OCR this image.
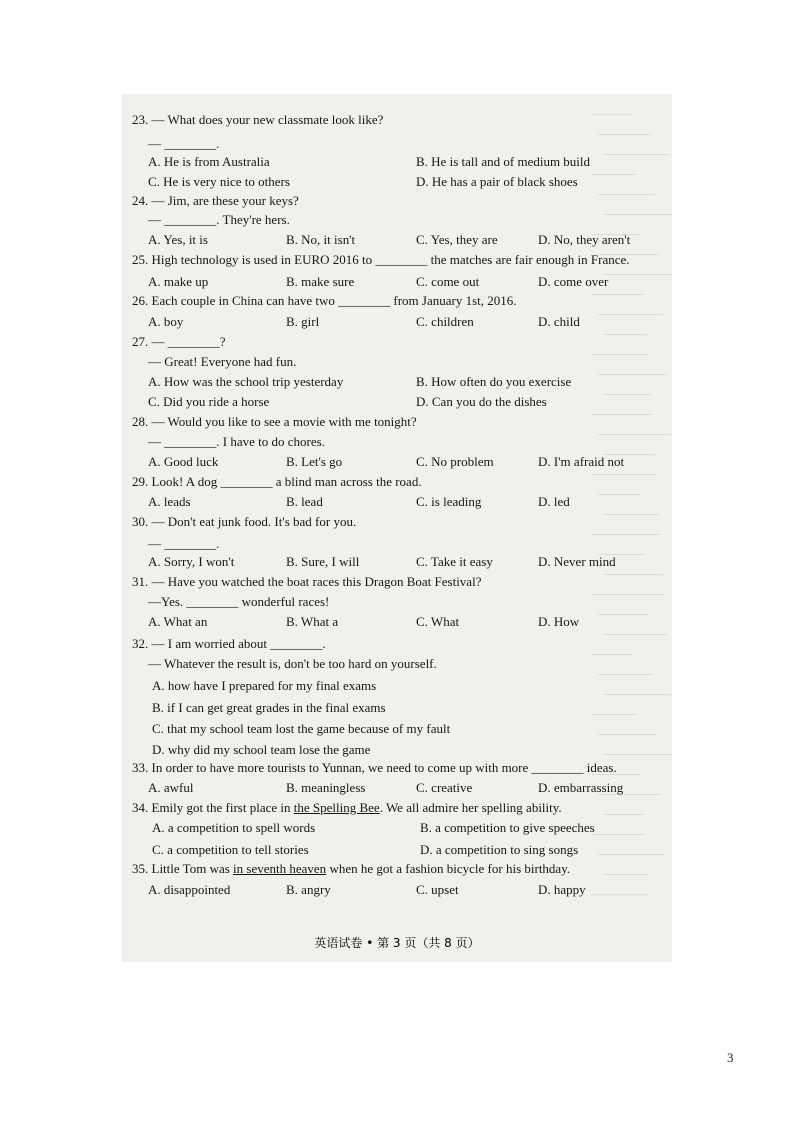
23. — What does your new classmate look like?
— ________.
A. He is from Australia	B. He is tall and of medium build
C. He is very nice to others	D. He has a pair of black shoes
24. — Jim, are these your keys?
— ________. They're hers.
A. Yes, it is	B. No, it isn't	C. Yes, they are	D. No, they aren't
25. High technology is used in EURO 2016 to ________ the matches are fair enough in France.
A. make up	B. make sure	C. come out	D. come over
26. Each couple in China can have two ________ from January 1st, 2016.
A. boy	B. girl	C. children	D. child
27. — ________?
— Great! Everyone had fun.
A. How was the school trip yesterday	B. How often do you exercise
C. Did you ride a horse	D. Can you do the dishes
28. — Would you like to see a movie with me tonight?
— ________. I have to do chores.
A. Good luck	B. Let's go	C. No problem	D. I'm afraid not
29. Look! A dog ________ a blind man across the road.
A. leads	B. lead	C. is leading	D. led
30. — Don't eat junk food. It's bad for you.
— ________.
A. Sorry, I won't	B. Sure, I will	C. Take it easy	D. Never mind
31. — Have you watched the boat races this Dragon Boat Festival?
—Yes. ________ wonderful races!
A. What an	B. What a	C. What	D. How
32. — I am worried about ________.
— Whatever the result is, don't be too hard on yourself.
A. how have I prepared for my final exams
B. if I can get great grades in the final exams
C. that my school team lost the game because of my fault
D. why did my school team lose the game
33. In order to have more tourists to Yunnan, we need to come up with more ________ ideas.
A. awful	B. meaningless	C. creative	D. embarrassing
34. Emily got the first place in the Spelling Bee. We all admire her spelling ability.
A. a competition to spell words	B. a competition to give speeches
C. a competition to tell stories	D. a competition to sing songs
35. Little Tom was in seventh heaven when he got a fashion bicycle for his birthday.
A. disappointed	B. angry	C. upset	D. happy
英语试卷 • 第 3 页（共 8 页）
3
